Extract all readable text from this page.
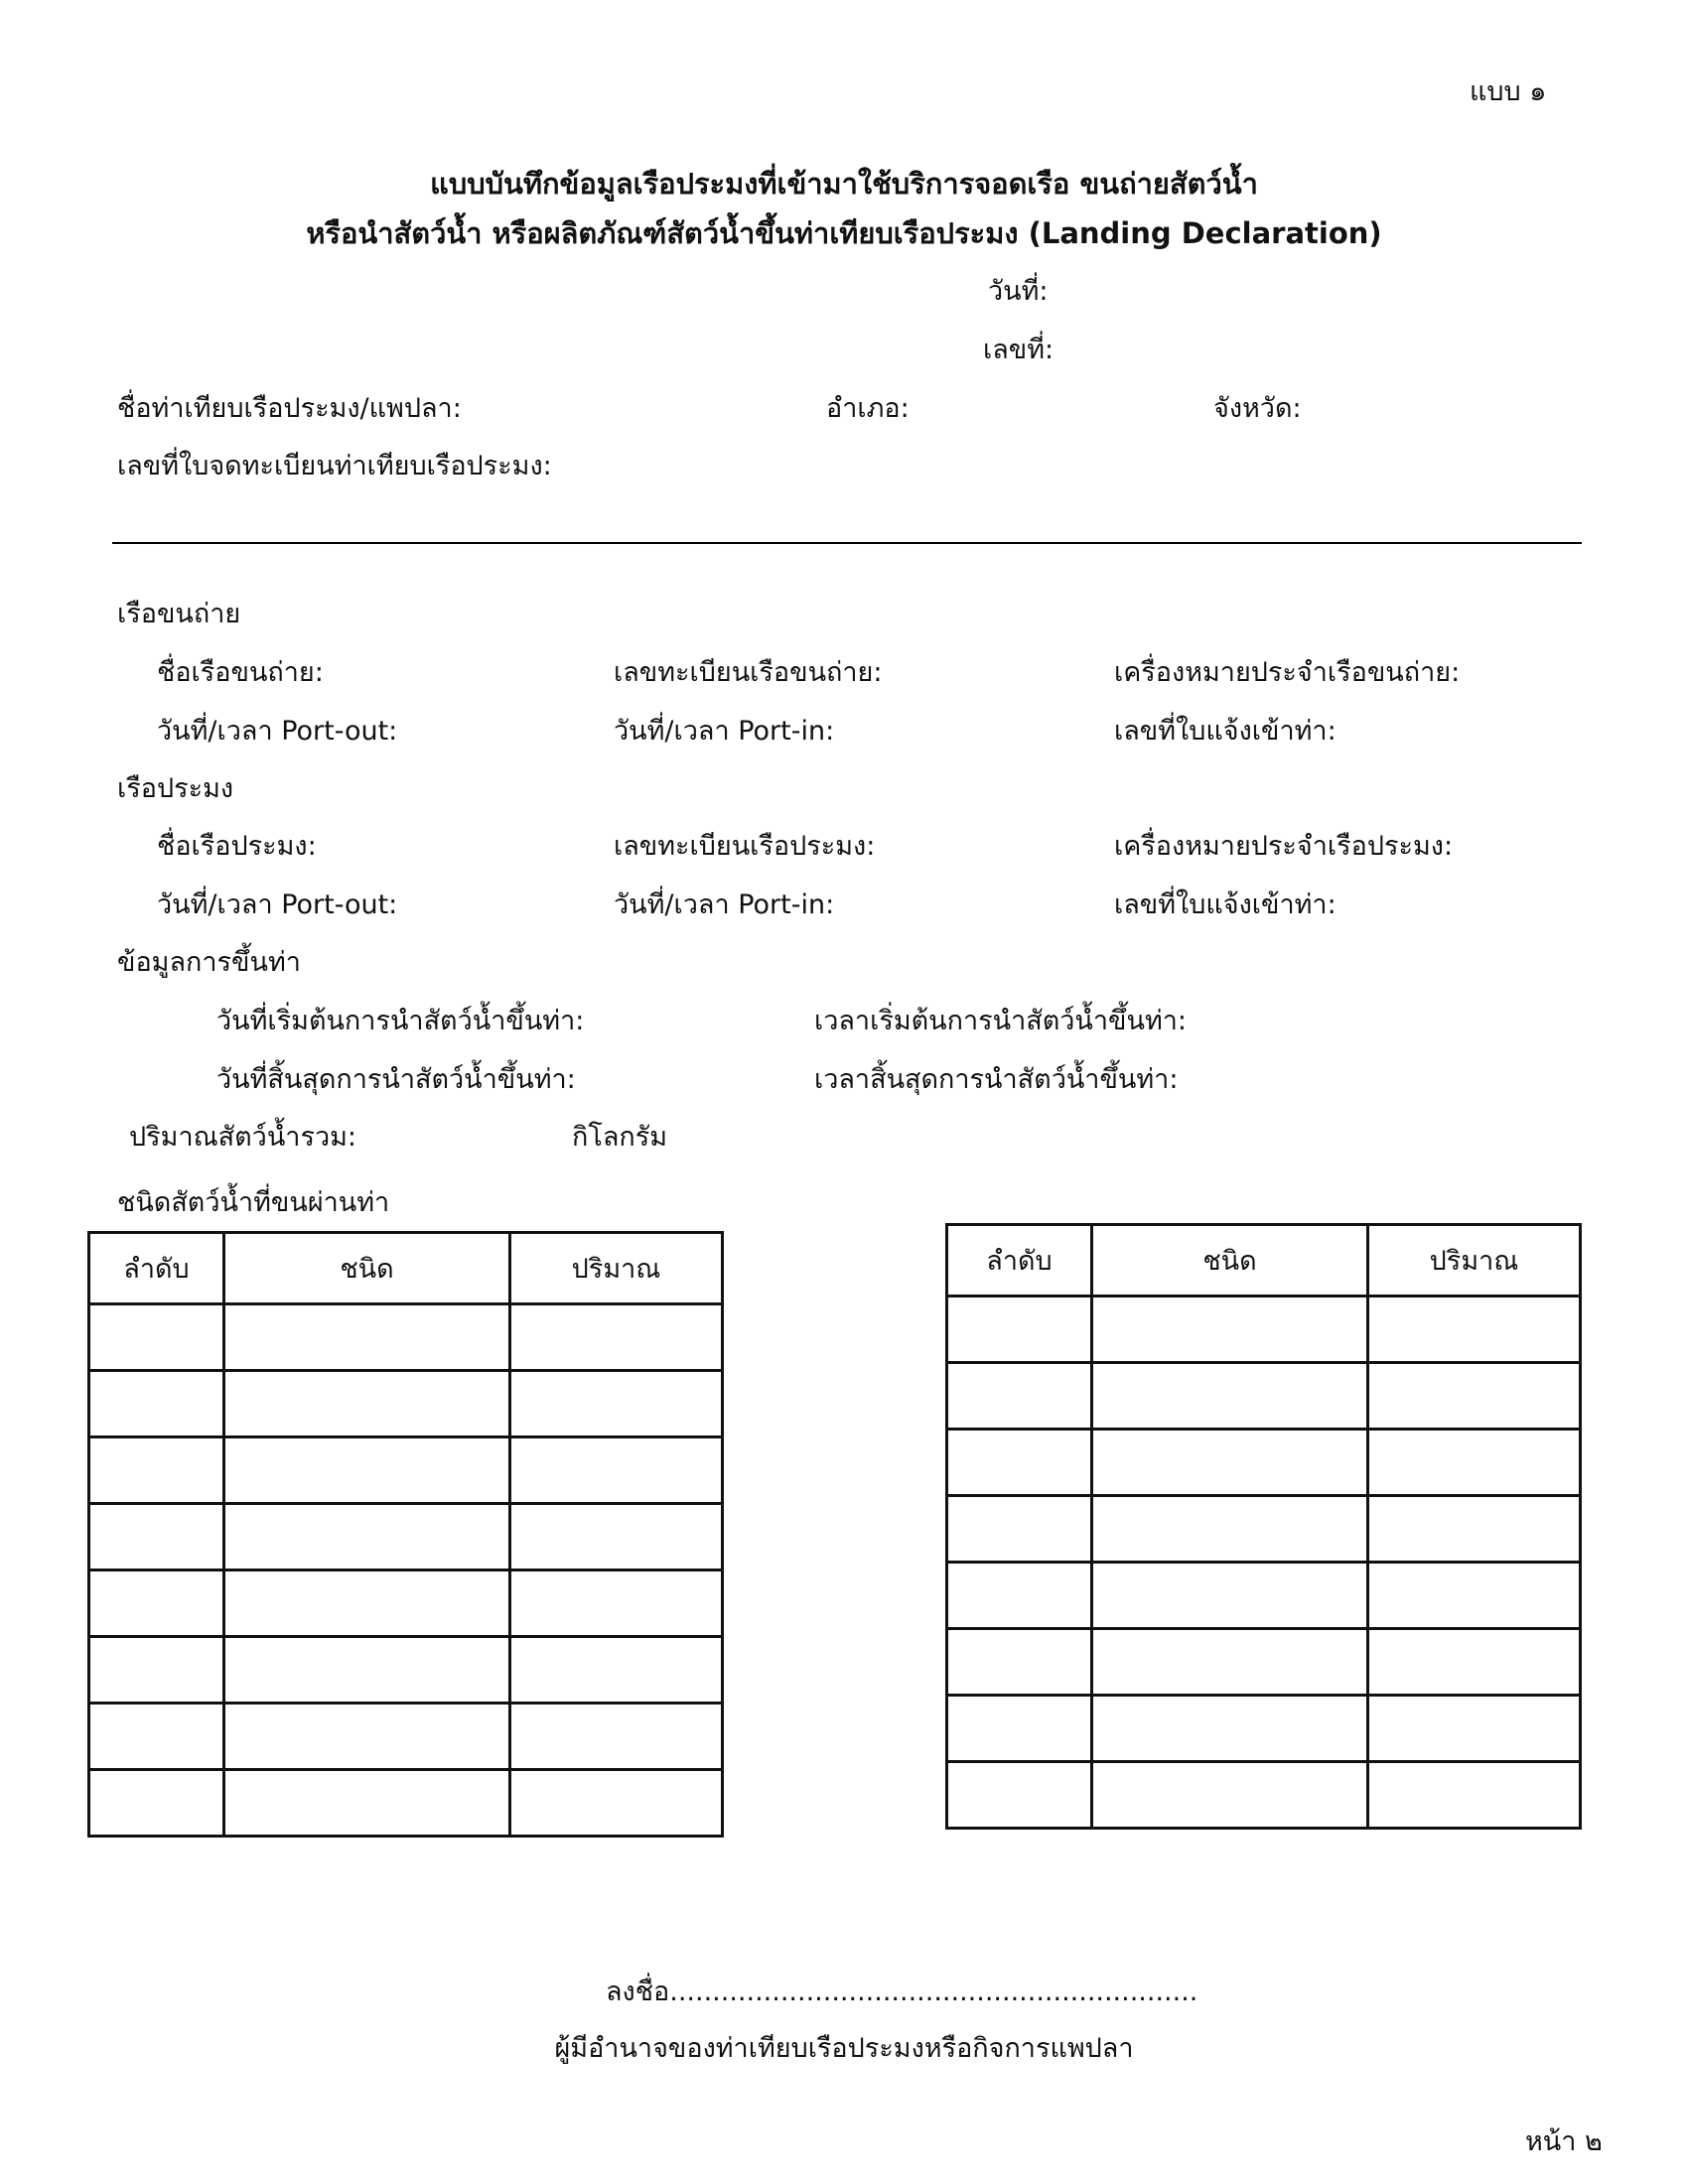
แบบ ๑
แบบบันทึกข้อมูลเรือประมงที่เข้ามาใช้บริการจอดเรือ ขนถ่ายสัตว์น้ำ
หรือนำสัตว์น้ำ หรือผลิตภัณฑ์สัตว์น้ำขึ้นท่าเทียบเรือประมง (Landing Declaration)
วันที่:
เลขที่:
ชื่อท่าเทียบเรือประมง/แพปลา:	อำเภอ:	จังหวัด:
เลขที่ใบจดทะเบียนท่าเทียบเรือประมง:
เรือขนถ่าย
ชื่อเรือขนถ่าย:	เลขทะเบียนเรือขนถ่าย:	เครื่องหมายประจำเรือขนถ่าย:
วันที่/เวลา Port-out:	วันที่/เวลา Port-in:	เลขที่ใบแจ้งเข้าท่า:
เรือประมง
ชื่อเรือประมง:	เลขทะเบียนเรือประมง:	เครื่องหมายประจำเรือประมง:
วันที่/เวลา Port-out:	วันที่/เวลา Port-in:	เลขที่ใบแจ้งเข้าท่า:
ข้อมูลการขึ้นท่า
วันที่เริ่มต้นการนำสัตว์น้ำขึ้นท่า:	เวลาเริ่มต้นการนำสัตว์น้ำขึ้นท่า:
วันที่สิ้นสุดการนำสัตว์น้ำขึ้นท่า:	เวลาสิ้นสุดการนำสัตว์น้ำขึ้นท่า:
ปริมาณสัตว์น้ำรวม:	กิโลกรัม
ชนิดสัตว์น้ำที่ขนผ่านท่า
ลำดับ	ชนิด	ปริมาณ

			ลำดับ	ชนิด	ปริมาณ

ลงชื่อ..............................................................
ผู้มีอำนาจของท่าเทียบเรือประมงหรือกิจการแพปลา
หน้า ๒
